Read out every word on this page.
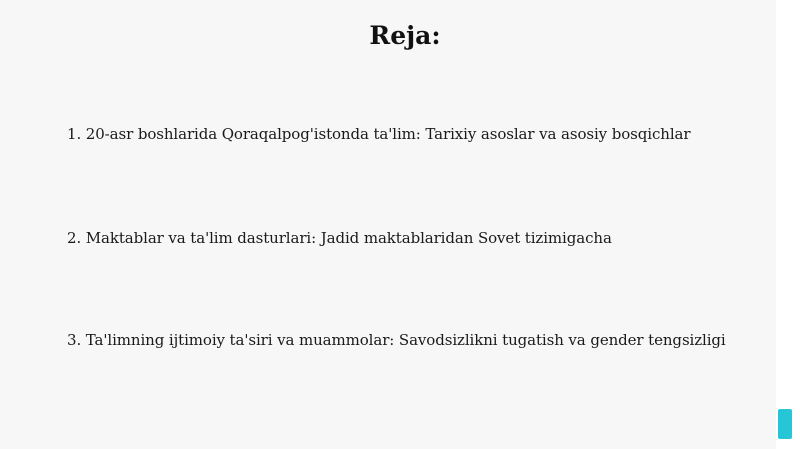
Reja:
1. 20-asr boshlarida Qoraqalpog'istonda ta'lim: Tarixiy asoslar va asosiy bosqichlar
2. Maktablar va ta'lim dasturlari: Jadid maktablaridan Sovet tizimigacha
3. Ta'limning ijtimoiy ta'siri va muammolar: Savodsizlikni tugatish va gender tengsizligi
